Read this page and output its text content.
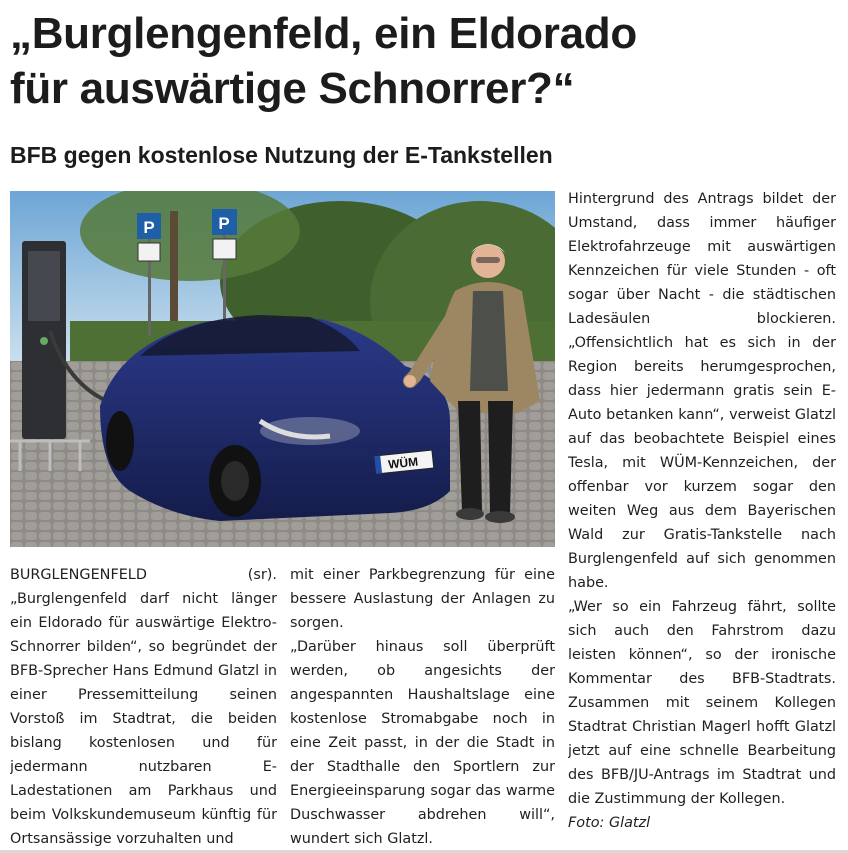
„Burglengenfeld, ein Eldorado
für auswärtige Schnorrer?“
BFB gegen kostenlose Nutzung der E-Tankstellen
P	P
WÜM

BURGLENGENFELD (sr). „Burglengenfeld darf nicht länger ein Eldorado für auswärtige Elektro-Schnorrer bilden“, so begründet der BFB-Sprecher Hans Edmund Glatzl in einer Pressemitteilung seinen Vorstoß im Stadtrat, die beiden bislang kostenlosen und für jedermann nutzbaren E-Ladestationen am Parkhaus und beim Volkskundemuseum künftig für Ortsansässige vorzuhalten und

mit einer Parkbegrenzung für eine bessere Auslastung der Anlagen zu sorgen.

„Darüber hinaus soll überprüft werden, ob angesichts der angespannten Haushaltslage eine kostenlose Stromabgabe noch in eine Zeit passt, in der die Stadt in der Stadthalle den Sportlern zur Energieeinsparung sogar das warme Duschwasser abdrehen will“, wundert sich Glatzl.

Hintergrund des Antrags bildet der Umstand, dass immer häufiger Elektrofahrzeuge mit auswärtigen Kennzeichen für viele Stunden - oft sogar über Nacht - die städtischen Ladesäulen blockieren. „Offensichtlich hat es sich in der Region bereits herumgesprochen, dass hier jedermann gratis sein E-Auto betanken kann“, verweist Glatzl auf das beobachtete Beispiel eines Tesla, mit WÜM-Kennzeichen, der offenbar vor kurzem sogar den weiten Weg aus dem Bayerischen Wald zur Gratis-Tankstelle nach Burglengenfeld auf sich genommen habe.

„Wer so ein Fahrzeug fährt, sollte sich auch den Fahrstrom dazu leisten können“, so der ironische Kommentar des BFB-Stadtrats. Zusammen mit seinem Kollegen Stadtrat Christian Magerl hofft Glatzl jetzt auf eine schnelle Bearbeitung des BFB/JU-Antrags im Stadtrat und die Zustimmung der Kollegen.

Foto: Glatzl
